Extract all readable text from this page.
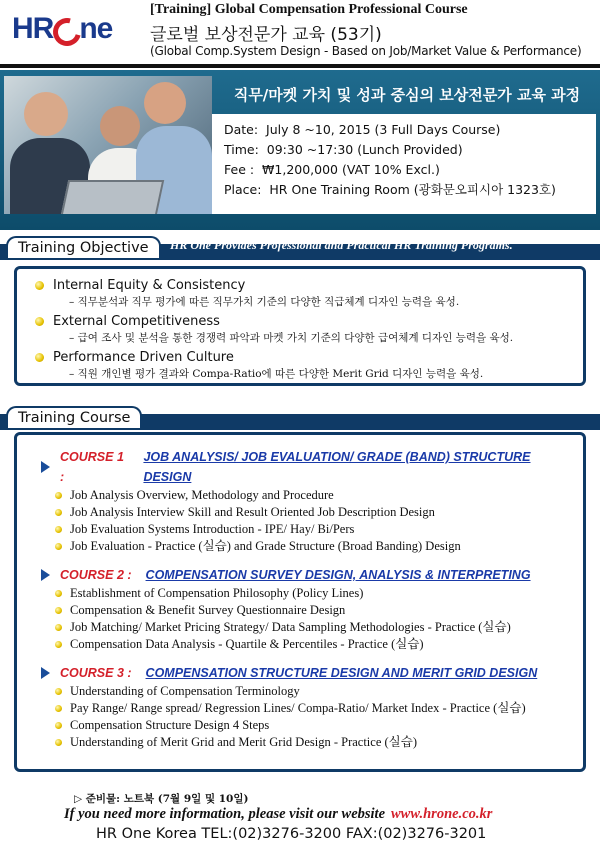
HR ne
[Training] Global Compensation Professional Course
글로벌 보상전문가 교육 (53기)
(Global Comp.System Design - Based on Job/Market Value & Performance)
직무/마켓 가치 및 성과 중심의 보상전문가 교육 과정
Date: July 8 ~10, 2015 (3 Full Days Course)
Time: 09:30 ~17:30 (Lunch Provided)
Fee : ₩1,200,000 (VAT 10% Excl.)
Place: HR One Training Room (광화문오피시아 1323호)
Training Objective	HR One Provides Professional and Practical HR Training Programs.
Internal Equity & Consistency
– 직무분석과 직무 평가에 따른 직무가치 기준의 다양한 직급체계 디자인 능력을 육성.
External Competitiveness
– 급여 조사 및 분석을 통한 경쟁력 파악과 마켓 가치 기준의 다양한 급여체계 디자인 능력을 육성.
Performance Driven Culture
– 직원 개인별 평가 결과와 Compa-Ratio에 따른 다양한 Merit Grid 디자인 능력을 육성.
Training Course
COURSE 1 :
JOB ANALYSIS/ JOB EVALUATION/ GRADE (BAND) STRUCTURE DESIGN
Job Analysis Overview, Methodology and Procedure
Job Analysis Interview Skill and Result Oriented Job Description Design
Job Evaluation Systems Introduction - IPE/ Hay/ Bi/Pers
Job Evaluation - Practice (실습) and Grade Structure (Broad Banding) Design
COURSE 2 : COMPENSATION SURVEY DESIGN, ANALYSIS & INTERPRETING
Establishment of Compensation Philosophy (Policy Lines)
Compensation & Benefit Survey Questionnaire Design
Job Matching/ Market Pricing Strategy/ Data Sampling Methodologies - Practice (실습)
Compensation Data Analysis - Quartile & Percentiles - Practice (실습)
COURSE 3 : COMPENSATION STRUCTURE DESIGN AND MERIT GRID DESIGN
Understanding of Compensation Terminology
Pay Range/ Range spread/ Regression Lines/ Compa-Ratio/ Market Index - Practice (실습)
Compensation Structure Design 4 Steps
Understanding of Merit Grid and Merit Grid Design - Practice (실습)
▷ 준비물: 노트북 (7월 9일 및 10일)
If you need more information, please visit our website www.hrone.co.kr
HR One Korea TEL:(02)3276-3200 FAX:(02)3276-3201
